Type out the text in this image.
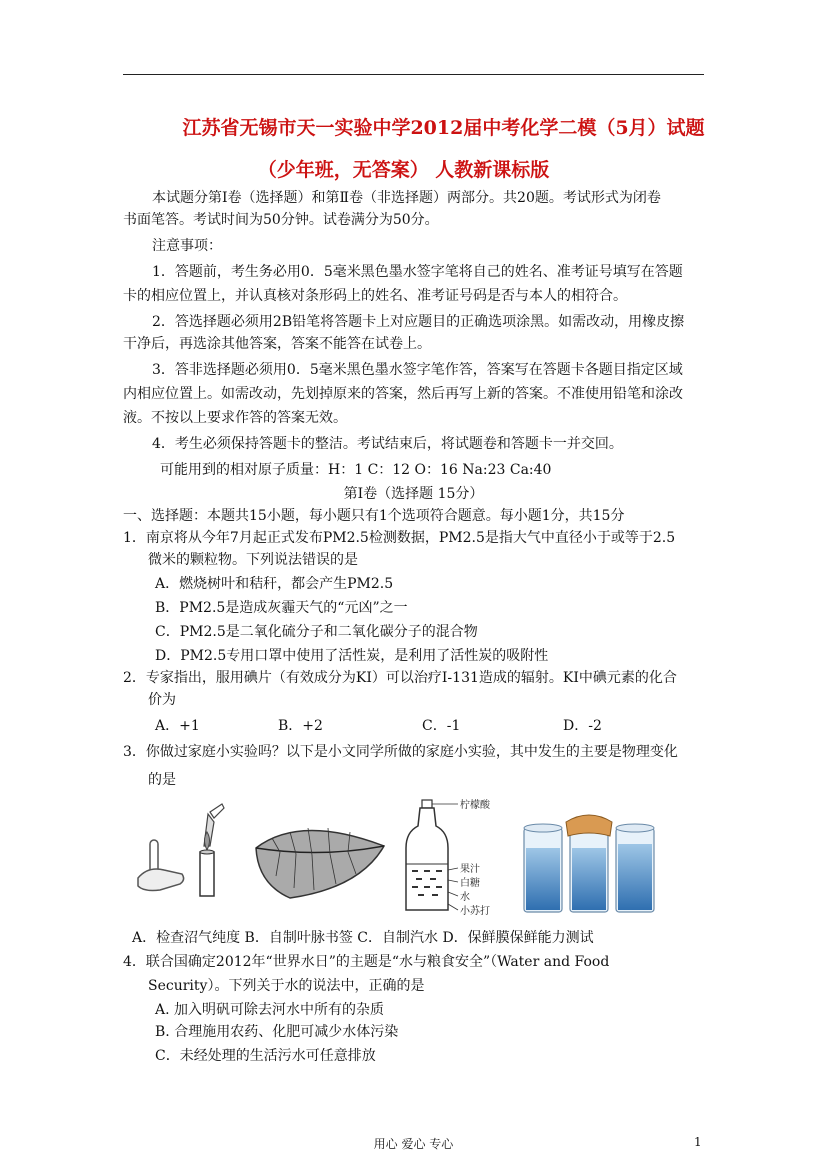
江苏省无锡市天一实验中学2012届中考化学二模（5月）试题
（少年班，无答案） 人教新课标版
本试题分第Ⅰ卷（选择题）和第Ⅱ卷（非选择题）两部分。共20题。考试形式为闭卷
书面笔答。考试时间为50分钟。试卷满分为50分。
注意事项：
1．答题前，考生务必用0．5毫米黑色墨水签字笔将自己的姓名、准考证号填写在答题
卡的相应位置上，并认真核对条形码上的姓名、准考证号码是否与本人的相符合。
2．答选择题必须用2B铅笔将答题卡上对应题目的正确选项涂黑。如需改动，用橡皮擦
干净后，再选涂其他答案，答案不能答在试卷上。
3．答非选择题必须用0．5毫米黑色墨水签字笔作答，答案写在答题卡各题目指定区域
内相应位置上。如需改动，先划掉原来的答案，然后再写上新的答案。不准使用铅笔和涂改
液。不按以上要求作答的答案无效。
4．考生必须保持答题卡的整洁。考试结束后，将试题卷和答题卡一并交回。
可能用到的相对原子质量：H：1 C：12 O：16 Na:23 Ca:40
第Ⅰ卷（选择题 15分）
一、选择题：本题共15小题，每小题只有1个选项符合题意。每小题1分，共15分
1．南京将从今年7月起正式发布PM2.5检测数据，PM2.5是指大气中直径小于或等于2.5
微米的颗粒物。下列说法错误的是
A．燃烧树叶和秸秆，都会产生PM2.5
B．PM2.5是造成灰霾天气的“元凶”之一
C．PM2.5是二氧化硫分子和二氧化碳分子的混合物
D．PM2.5专用口罩中使用了活性炭，是利用了活性炭的吸附性
2．专家指出，服用碘片（有效成分为KI）可以治疗I-131造成的辐射。KI中碘元素的化合
价为
A．+1	B．+2	C．-1	D．-2
3．你做过家庭小实验吗？以下是小文同学所做的家庭小实验，其中发生的主要是物理变化
的是
柠檬酸
果汁
白糖
水
小苏打
A．检查沼气纯度 B．自制叶脉书签 C．自制汽水 D．保鲜膜保鲜能力测试
4．联合国确定2012年“世界水日”的主题是“水与粮食安全”（Water and Food
Security）。下列关于水的说法中，正确的是
A. 加入明矾可除去河水中所有的杂质
B. 合理施用农药、化肥可减少水体污染
C．未经处理的生活污水可任意排放
用心 爱心 专心	1
